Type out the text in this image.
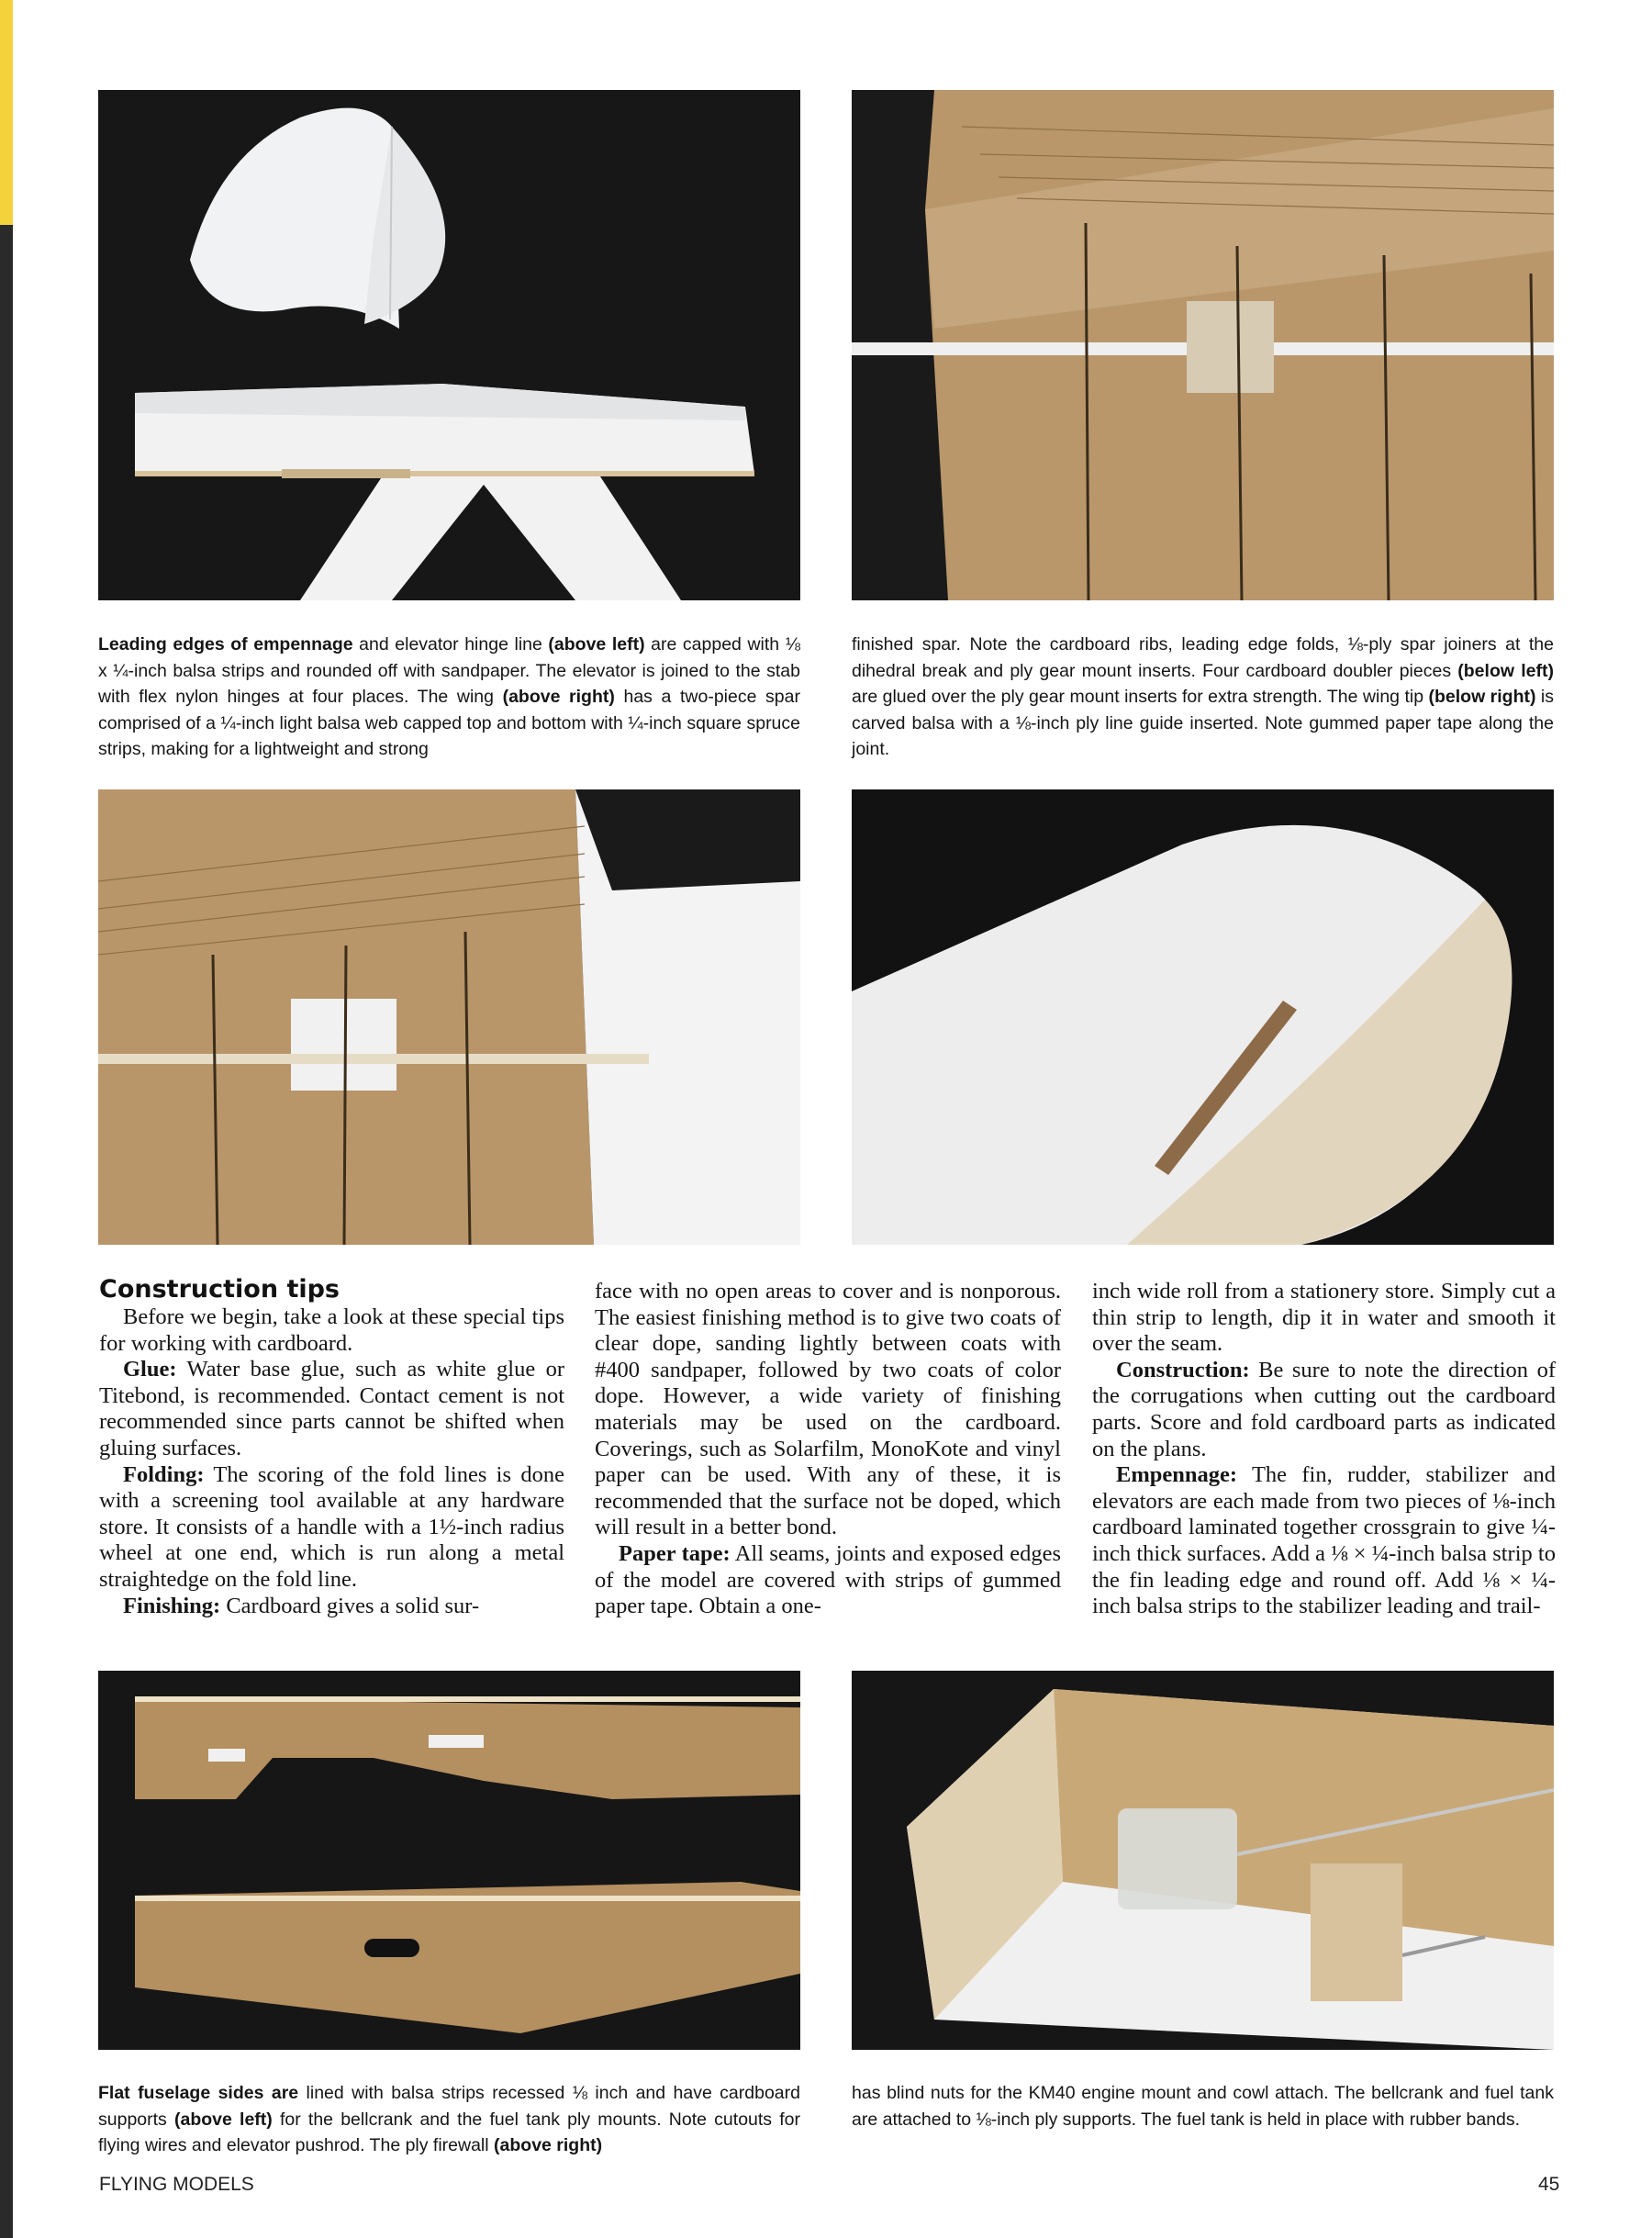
Leading edges of empennage and elevator hinge line (above left) are capped with ⅛ x ¼-inch balsa strips and rounded off with sandpaper. The elevator is joined to the stab with flex nylon hinges at four places. The wing (above right) has a two-piece spar comprised of a ¼-inch light balsa web capped top and bottom with ¼-inch square spruce strips, making for a lightweight and strong
finished spar. Note the cardboard ribs, leading edge folds, ⅛-ply spar joiners at the dihedral break and ply gear mount inserts. Four cardboard doubler pieces (below left) are glued over the ply gear mount inserts for extra strength. The wing tip (below right) is carved balsa with a ⅛-inch ply line guide inserted. Note gummed paper tape along the joint.
Construction tips

Before we begin, take a look at these special tips for working with cardboard.

Glue: Water base glue, such as white glue or Titebond, is recommended. Contact cement is not recommended since parts cannot be shifted when gluing surfaces.

Folding: The scoring of the fold lines is done with a screening tool available at any hardware store. It consists of a handle with a 1½-inch radius wheel at one end, which is run along a metal straightedge on the fold line.

Finishing: Cardboard gives a solid sur-

face with no open areas to cover and is nonporous. The easiest finishing method is to give two coats of clear dope, sanding lightly between coats with #400 sandpaper, followed by two coats of color dope. However, a wide variety of finishing materials may be used on the cardboard. Coverings, such as Solarfilm, MonoKote and vinyl paper can be used. With any of these, it is recommended that the surface not be doped, which will result in a better bond.

Paper tape: All seams, joints and exposed edges of the model are covered with strips of gummed paper tape. Obtain a one-

inch wide roll from a stationery store. Simply cut a thin strip to length, dip it in water and smooth it over the seam.

Construction: Be sure to note the direction of the corrugations when cutting out the cardboard parts. Score and fold cardboard parts as indicated on the plans.

Empennage: The fin, rudder, stabilizer and elevators are each made from two pieces of ⅛-inch cardboard laminated together crossgrain to give ¼-inch thick surfaces. Add a ⅛ × ¼-inch balsa strip to the fin leading edge and round off. Add ⅛ × ¼-inch balsa strips to the stabilizer leading and trail-

Flat fuselage sides are lined with balsa strips recessed ⅛ inch and have cardboard supports (above left) for the bellcrank and the fuel tank ply mounts. Note cutouts for flying wires and elevator pushrod. The ply firewall (above right)
has blind nuts for the KM40 engine mount and cowl attach. The bellcrank and fuel tank are attached to ⅛-inch ply supports. The fuel tank is held in place with rubber bands.
FLYING MODELS	45
